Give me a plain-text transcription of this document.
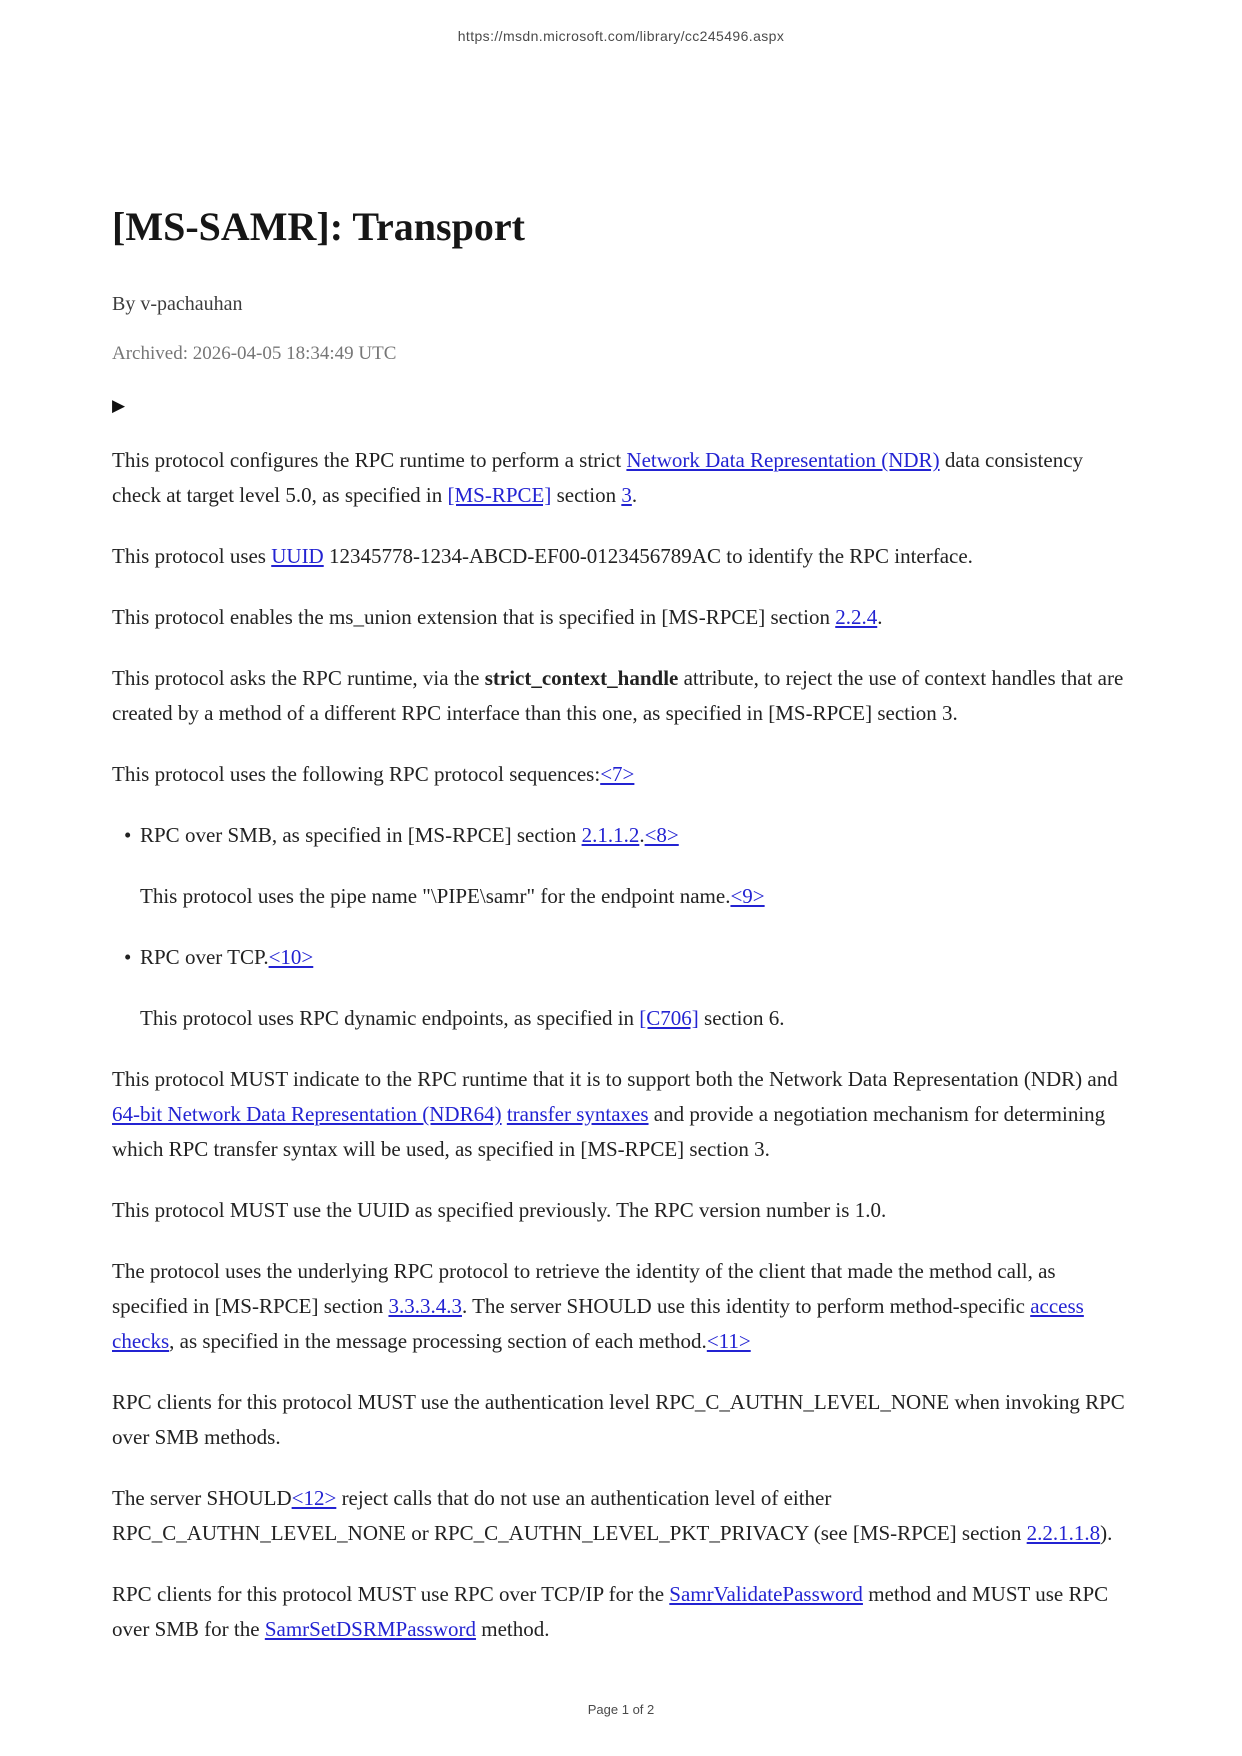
https://msdn.microsoft.com/library/cc245496.aspx
[MS-SAMR]: Transport
By v-pachauhan
Archived: 2026-04-05 18:34:49 UTC
▶
This protocol configures the RPC runtime to perform a strict Network Data Representation (NDR) data consistency check at target level 5.0, as specified in [MS-RPCE] section 3.
This protocol uses UUID 12345778-1234-ABCD-EF00-0123456789AC to identify the RPC interface.
This protocol enables the ms_union extension that is specified in [MS-RPCE] section 2.2.4.
This protocol asks the RPC runtime, via the strict_context_handle attribute, to reject the use of context handles that are created by a method of a different RPC interface than this one, as specified in [MS-RPCE] section 3.
This protocol uses the following RPC protocol sequences:<7>
• RPC over SMB, as specified in [MS-RPCE] section 2.1.1.2.<8>
This protocol uses the pipe name "\PIPE\samr" for the endpoint name.<9>
• RPC over TCP.<10>
This protocol uses RPC dynamic endpoints, as specified in [C706] section 6.
This protocol MUST indicate to the RPC runtime that it is to support both the Network Data Representation (NDR) and 64-bit Network Data Representation (NDR64) transfer syntaxes and provide a negotiation mechanism for determining which RPC transfer syntax will be used, as specified in [MS-RPCE] section 3.
This protocol MUST use the UUID as specified previously. The RPC version number is 1.0.
The protocol uses the underlying RPC protocol to retrieve the identity of the client that made the method call, as specified in [MS-RPCE] section 3.3.3.4.3. The server SHOULD use this identity to perform method-specific access checks, as specified in the message processing section of each method.<11>
RPC clients for this protocol MUST use the authentication level RPC_C_AUTHN_LEVEL_NONE when invoking RPC over SMB methods.
The server SHOULD<12> reject calls that do not use an authentication level of either RPC_C_AUTHN_LEVEL_NONE or RPC_C_AUTHN_LEVEL_PKT_PRIVACY (see [MS-RPCE] section 2.2.1.1.8).
RPC clients for this protocol MUST use RPC over TCP/IP for the SamrValidatePassword method and MUST use RPC over SMB for the SamrSetDSRMPassword method.
Page 1 of 2
